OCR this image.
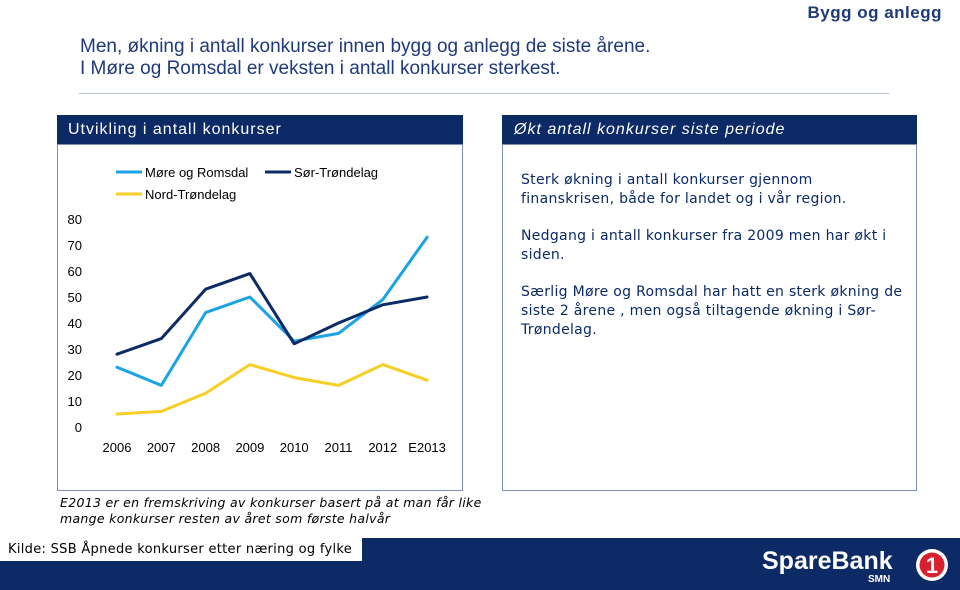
Bygg og anlegg
Men, økning i antall konkurser innen bygg og anlegg de siste årene.
I Møre og Romsdal er veksten i antall konkurser sterkest.
Utvikling i antall konkurser	Økt antall konkurser siste periode

Sterk økning i antall konkurser gjennom finanskrisen, både for landet og i vår region.

Nedgang i antall konkurser fra 2009 men har økt i siden.

Særlig Møre og Romsdal har hatt en sterk økning de siste 2 årene , men også tiltagende økning i Sør-Trøndelag.

0
10
20
30
40
50
60
70
80
2006 2007 2008 2009 2010 2011 2012 E2013
Møre og Romsdal	Sør-Trøndelag
Nord-Trøndelag
E2013 er en fremskriving av konkurser basert på at man får like mange konkurser resten av året som første halvår
Kilde: SSB Åpnede konkurser etter næring og fylke	SpareBank
SMN
1
